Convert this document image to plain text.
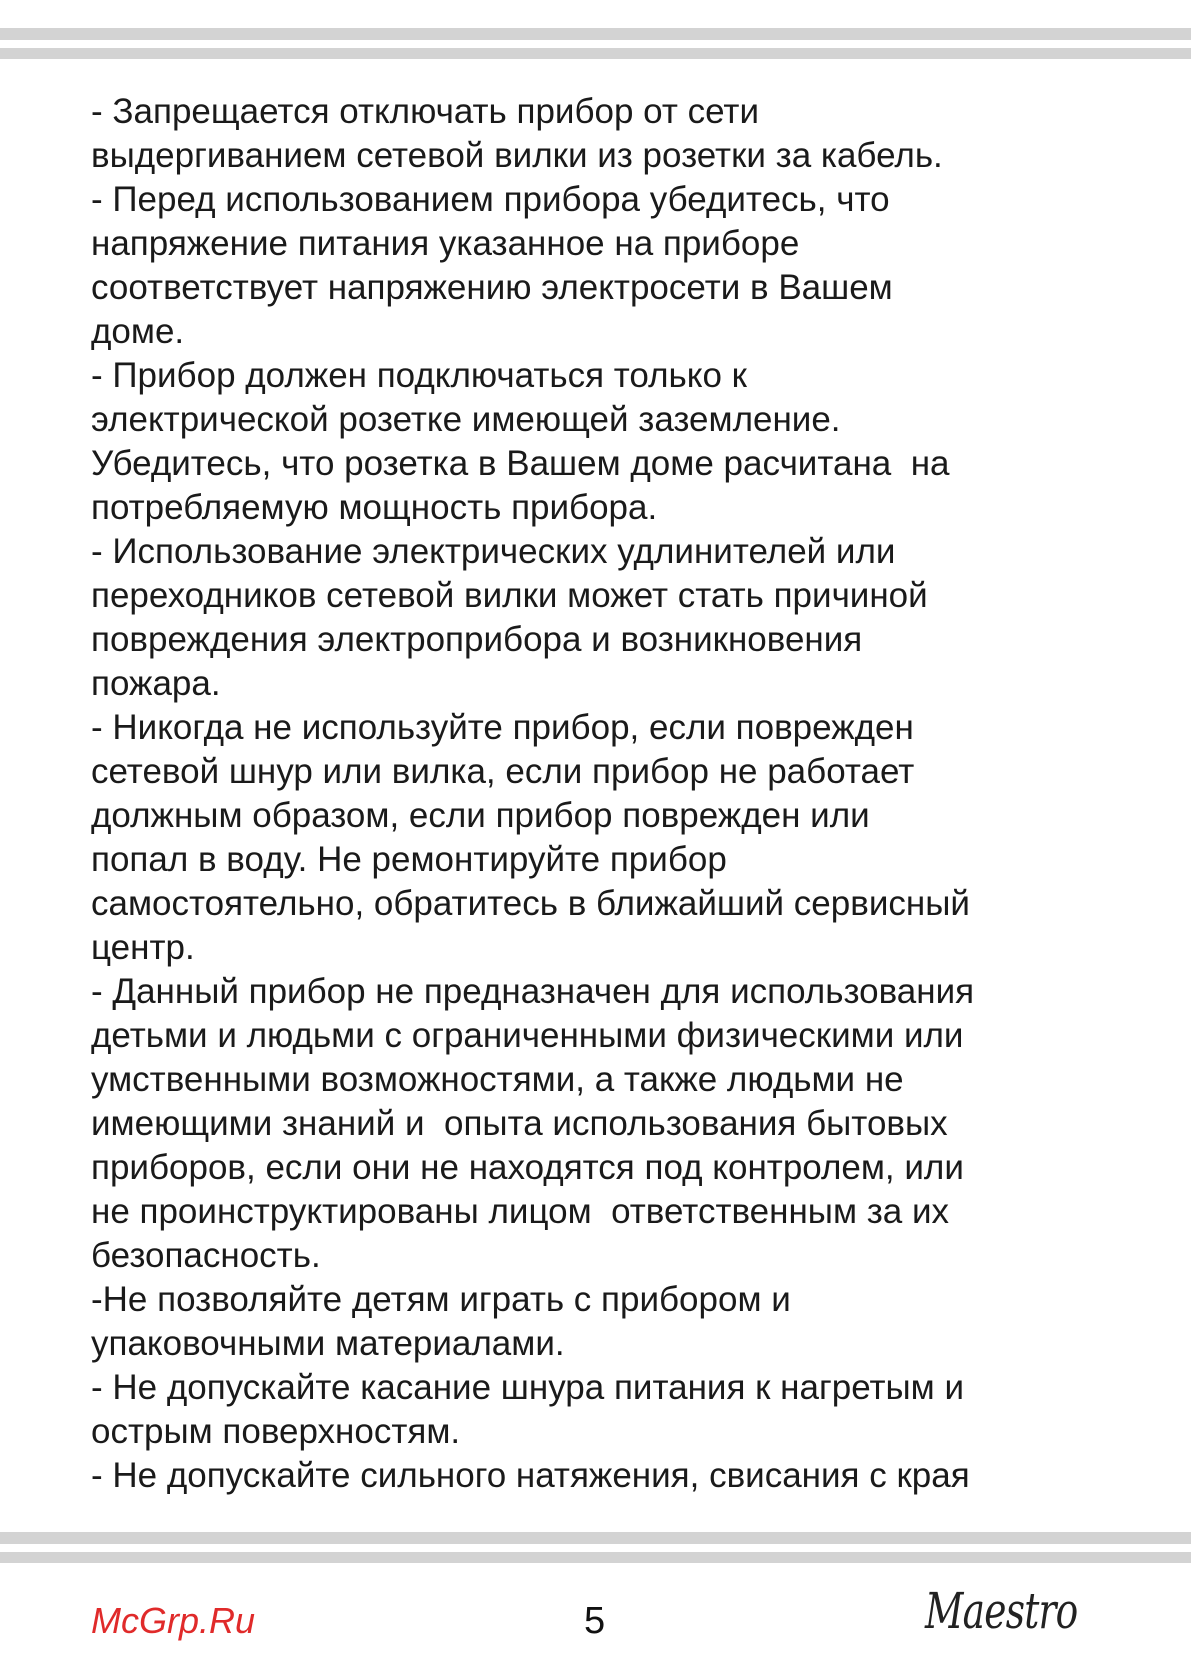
- Запрещается отключать прибор от сети
выдергиванием сетевой вилки из розетки за кабель.
- Перед использованием прибора убедитесь, что
напряжение питания указанное на приборе
соответствует напряжению электросети в Вашем
доме.
- Прибор должен подключаться только к
электрической розетке имеющей заземление.
Убедитесь, что розетка в Вашем доме расчитана  на
потребляемую мощность прибора.
- Использование электрических удлинителей или
переходников сетевой вилки может стать причиной
повреждения электроприбора и возникновения
пожара.
- Никогда не используйте прибор, если поврежден
сетевой шнур или вилка, если прибор не работает
должным образом, если прибор поврежден или
попал в воду. Не ремонтируйте прибор
самостоятельно, обратитесь в ближайший сервисный
центр.
- Данный прибор не предназначен для использования
детьми и людьми с ограниченными физическими или
умственными возможностями, а также людьми не
имеющими знаний и  опыта использования бытовых
приборов, если они не находятся под контролем, или
не проинструктированы лицом  ответственным за их
безопасность.
-Не позволяйте детям играть с прибором и
упаковочными материалами.
- Не допускайте касание шнура питания к нагретым и
острым поверхностям.
- Не допускайте сильного натяжения, свисания с края
McGrp.Ru	5	Maestro
